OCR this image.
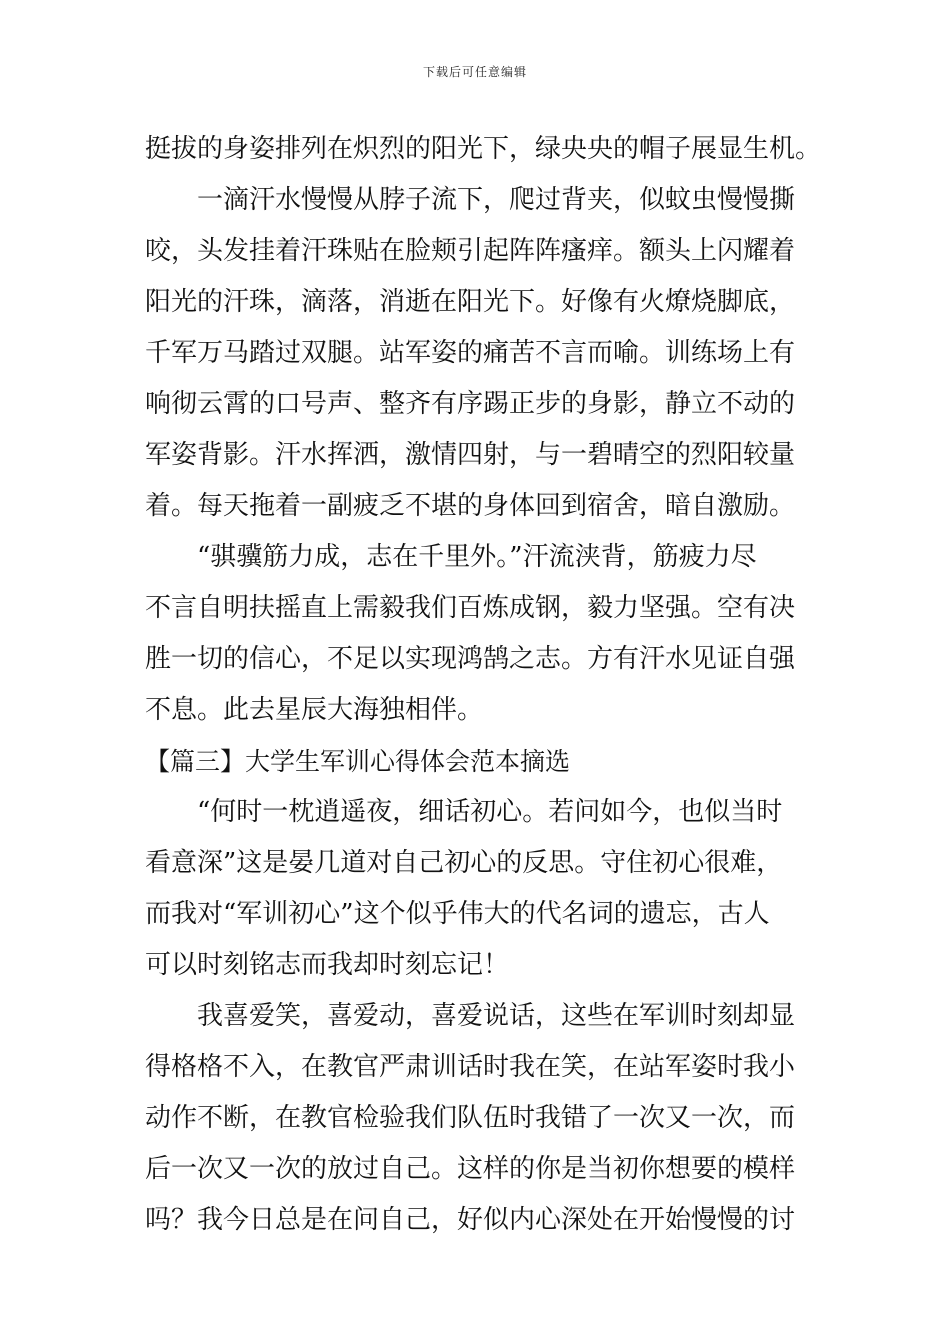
下载后可任意编辑
挺拔的身姿排列在炽烈的阳光下，绿央央的帽子展显生机。
一滴汗水慢慢从脖子流下，爬过背夹，似蚊虫慢慢撕
咬，头发挂着汗珠贴在脸颊引起阵阵瘙痒。额头上闪耀着
阳光的汗珠，滴落，消逝在阳光下。好像有火燎烧脚底，
千军万马踏过双腿。站军姿的痛苦不言而喻。训练场上有
响彻云霄的口号声、整齐有序踢正步的身影，静立不动的
军姿背影。汗水挥洒，激情四射，与一碧晴空的烈阳较量
着。每天拖着一副疲乏不堪的身体回到宿舍，暗自激励。
“骐骥筋力成，志在千里外。”汗流浃背，筋疲力尽
不言自明扶摇直上需毅我们百炼成钢，毅力坚强。空有决
胜一切的信心，不足以实现鸿鹄之志。方有汗水见证自强
不息。此去星辰大海独相伴。
【篇三】大学生军训心得体会范本摘选
“何时一枕逍遥夜，细话初心。若问如今，也似当时
看意深”这是晏几道对自己初心的反思。守住初心很难，
而我对“军训初心”这个似乎伟大的代名词的遗忘，古人
可以时刻铭志而我却时刻忘记！
我喜爱笑，喜爱动，喜爱说话，这些在军训时刻却显
得格格不入，在教官严肃训话时我在笑，在站军姿时我小
动作不断，在教官检验我们队伍时我错了一次又一次，而
后一次又一次的放过自己。这样的你是当初你想要的模样
吗？我今日总是在问自己，好似内心深处在开始慢慢的讨
